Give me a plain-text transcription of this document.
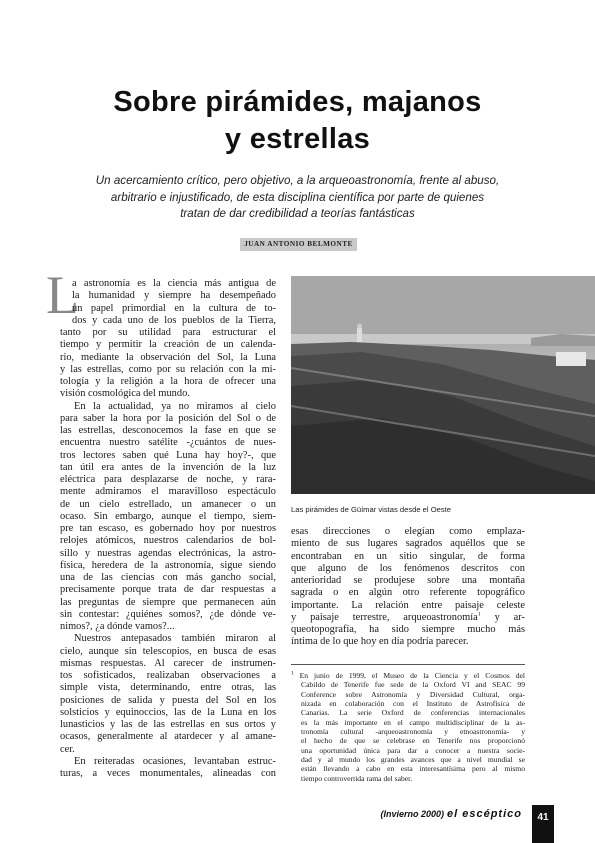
Sobre pirámides, majanos
y estrellas
Un acercamiento crítico, pero objetivo, a la arqueoastronomía, frente al abuso,
arbitrario e injustificado, de esta disciplina científica por parte de quienes
tratan de dar credibilidad a teorías fantásticas
JUAN ANTONIO BELMONTE
L
a astronomía es la ciencia más antigua de
la humanidad y siempre ha desempeñado
un papel primordial en la cultura de to-
dos y cada uno de los pueblos de la Tierra,
tanto por su utilidad para estructurar el
tiempo y permitir la creación de un calenda-
rio, mediante la observación del Sol, la Luna
y las estrellas, como por su relación con la mi-
tología y la religión a la hora de ofrecer una
visión cosmológica del mundo.
En la actualidad, ya no miramos al cielo
para saber la hora por la posición del Sol o de
las estrellas, desconocemos la fase en que se
encuentra nuestro satélite -¿cuántos de nues-
tros lectores saben qué Luna hay hoy?-, que
tan útil era antes de la invención de la luz
eléctrica para desplazarse de noche, y rara-
mente admiramos el maravilloso espectáculo
de un cielo estrellado, un amanecer o un
ocaso. Sin embargo, aunque el tiempo, siem-
pre tan escaso, es gobernado hoy por nuestros
relojes atómicos, nuestros calendarios de bol-
sillo y nuestras agendas electrónicas, la astro-
física, heredera de la astronomía, sigue siendo
una de las ciencias con más gancho social,
precisamente porque trata de dar respuestas a
las preguntas de siempre que permanecen aún
sin contestar: ¿quiénes somos?, ¿de dónde ve-
nimos?, ¿a dónde vamos?...
Nuestros antepasados también miraron al
cielo, aunque sin telescopios, en busca de esas
mismas respuestas. Al carecer de instrumen-
tos sofisticados, realizaban observaciones a
simple vista, determinando, entre otras, las
posiciones de salida y puesta del Sol en los
solsticios y equinoccios, las de la Luna en los
lunasticios y las de las estrellas en sus ortos y
ocasos, generalmente al atardecer y al amane-
cer.
En reiteradas ocasiones, levantaban estruc-
turas, a veces monumentales, alineadas con
Las pirámides de Güímar vistas desde el Oeste
esas direcciones o elegían como emplaza-
miento de sus lugares sagrados aquéllos que se
encontraban en un sitio singular, de forma
que alguno de los fenómenos descritos con
anterioridad se produjese sobre una montaña
sagrada o en algún otro referente topográfico
importante. La relación entre paisaje celeste
y paisaje terrestre, arqueoastronomía$^1$ y ar-
queotopografía, ha sido siempre mucho más
íntima de lo que hoy en día podría parecer.
$^1$ En junio de 1999, el Museo de la Ciencia y el Cosmos del
Cabildo de Tenerife fue sede de la Oxford VI and SEAC 99
Conference sobre Astronomía y Diversidad Cultural, orga-
nizada en colaboración con el Instituto de Astrofísica de
Canarias. La serie Oxford de conferencias internacionales
es la más importante en el campo multidisciplinar de la as-
tronomía cultural -arqueoastronomía y etnoastronomía- y
el hecho de que se celebrase en Tenerife nos proporcionó
una oportunidad única para dar a conocer a nuestra socie-
dad y al mundo los grandes avances que a nivel mundial se
están llevando a cabo en esta interesantísima pero al mismo
tiempo controvertida rama del saber.
(Invierno 2000) el escéptico	41
